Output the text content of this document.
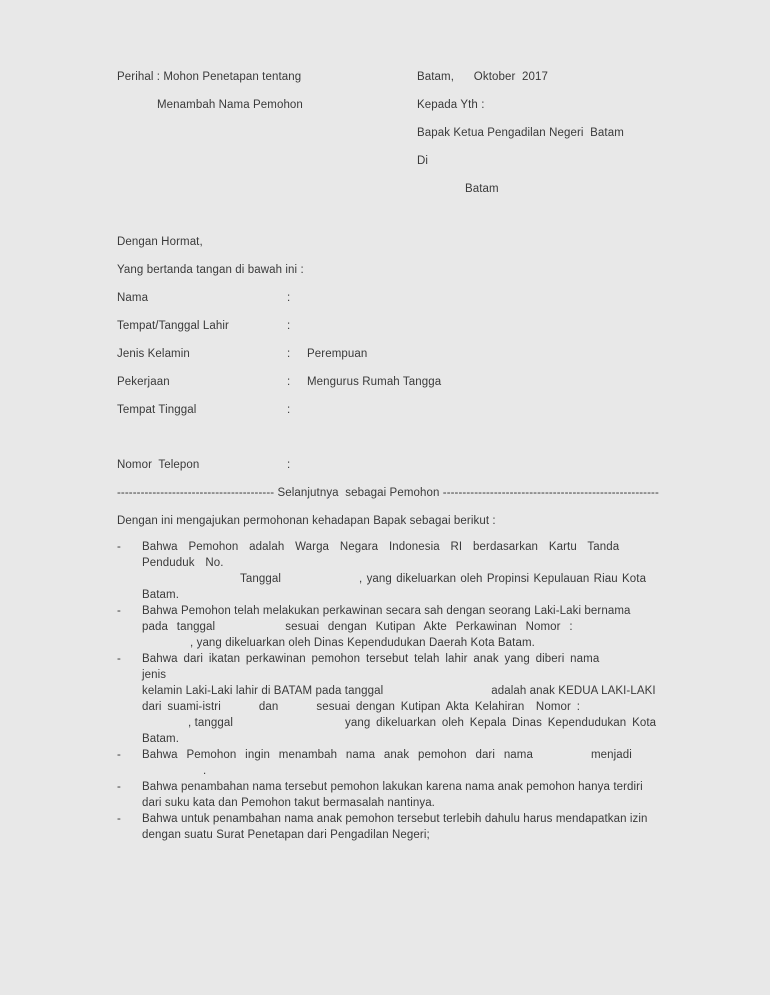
Perihal : Mohon Penetapan tentang
Menambah Nama Pemohon
Batam,      Oktober  2017
Kepada Yth :
Bapak Ketua Pengadilan Negeri  Batam
Di
Batam
Dengan Hormat,
Yang bertanda tangan di bawah ini :
Nama	:
Tempat/Tanggal Lahir	:
Jenis Kelamin	:	Perempuan
Pekerjaan	:	Mengurus Rumah Tangga
Tempat Tinggal	:
Nomor  Telepon	:
---------------------------------------- Selanjutnya  sebagai Pemohon -------------------------------------------------------
Dengan ini mengajukan permohonan kehadapan Bapak sebagai berikut :
-	Bahwa Pemohon adalah Warga Negara Indonesia RI berdasarkan Kartu Tanda Penduduk No.
Tanggal	, yang dikeluarkan oleh Propinsi Kepulauan Riau Kota
Batam.
-	Bahwa Pemohon telah melakukan perkawinan secara sah dengan seorang Laki-Laki bernama
pada tanggal	sesuai dengan Kutipan Akte Perkawinan Nomor :
, yang dikeluarkan oleh Dinas Kependudukan Daerah Kota Batam.
-	Bahwa dari ikatan perkawinan pemohon tersebut telah lahir anak yang diberi namajenis
kelamin Laki-Laki lahir di BATAM pada tanggal	adalah anak KEDUA LAKI-LAKI
dari suami-istri	dan	sesuai dengan Kutipan Akta Kelahiran  Nomor :
, tanggal	yang dikeluarkan oleh Kepala Dinas Kependudukan Kota
Batam.
-	Bahwa Pemohon ingin menambah nama anak pemohon dari nama	menjadi
.
-	Bahwa penambahan nama tersebut pemohon lakukan karena nama anak pemohon hanya terdiri
dari suku kata dan Pemohon takut bermasalah nantinya.
-	Bahwa untuk penambahan nama anak pemohon tersebut terlebih dahulu harus mendapatkan izin
dengan suatu Surat Penetapan dari Pengadilan Negeri;
